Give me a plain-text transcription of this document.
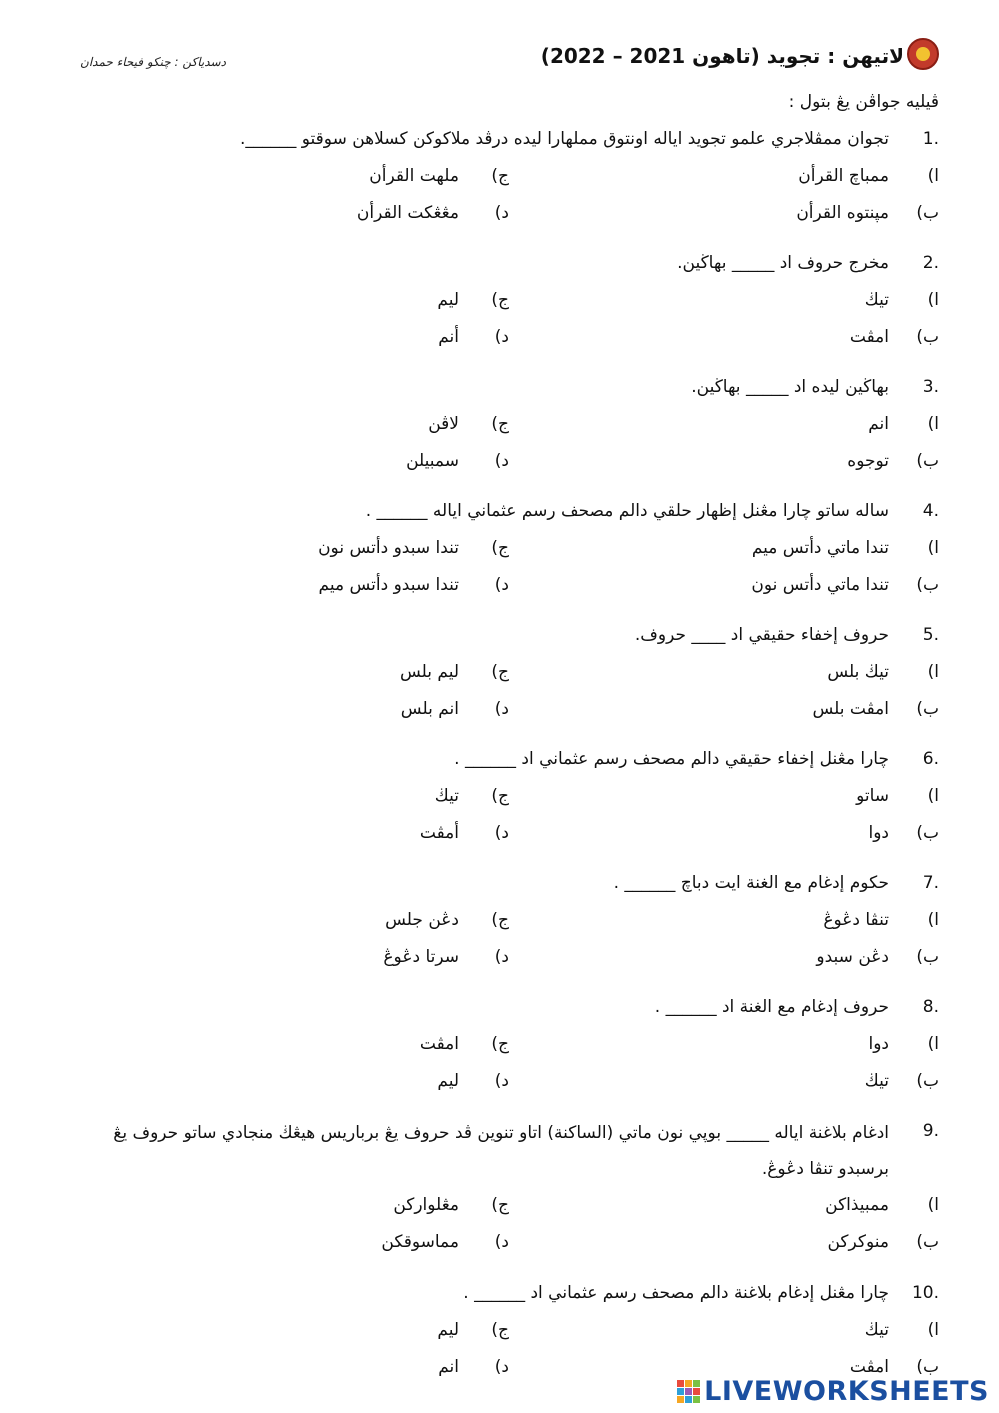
لاتيهن : تجويد (تاهون 2021 – 2022)
دسدياكن : چنكو فيحاء حمدان
ڤيليه جواڤن يڠ بتول :
1.
تجوان ممڤلاجري علمو تجويد اياله اونتوق مملهارا ليده درڤد ملاكوكن كسلاهن سوقتو ______.
ا)
ممباچ القرأن
ج)
ملهت القرأن
ب)
مڽنتوه القرأن
د)
مڠڠكت القرأن
2.
مخرج حروف اد _____ بهاڬين.
ا)
تيڬ
ج)
ليم
ب)
امڤت
د)
أنم
3.
بهاڬين ليده اد _____ بهاڬين.
ا)
انم
ج)
لاڤن
ب)
توجوه
د)
سمبيلن
4.
ساله ساتو چارا مڠنل إظهار حلقي دالم مصحف رسم عثماني اياله ______ .
ا)
تندا ماتي دأتس ميم
ج)
تندا سبدو دأتس نون
ب)
تندا ماتي دأتس نون
د)
تندا سبدو دأتس ميم
5.
حروف إخفاء حقيقي اد ____ حروف.
ا)
تيڬ بلس
ج)
ليم بلس
ب)
امڤت بلس
د)
انم بلس
6.
چارا مڠنل إخفاء حقيقي دالم مصحف رسم عثماني اد ______ .
ا)
ساتو
ج)
تيڬ
ب)
دوا
د)
أمڤت
7.
حكوم إدغام مع الغنة ايت دباچ ______ .
ا)
تنڤا دڠوڠ
ج)
دڠن جلس
ب)
دڠن سبدو
د)
سرتا دڠوڠ
8.
حروف إدغام مع الغنة اد ______ .
ا)
دوا
ج)
امڤت
ب)
تيڬ
د)
ليم
9.
ادغام بلاغنة اياله _____ بوڽي نون ماتي (الساكنة) اتاو تنوين ڤد حروف يڠ برباريس هيڠڬ منجادي ساتو حروف يڠ برسبدو تنڤا دڠوڠ.
ا)
ممبيذاكن
ج)
مڠلواركن
ب)
منوكركن
د)
مماسوقكن
10.
چارا مڠنل إدغام بلاغنة دالم مصحف رسم عثماني اد ______ .
ا)
تيڬ
ج)
ليم
ب)
امڤت
د)
انم
LIVEWORKSHEETS
